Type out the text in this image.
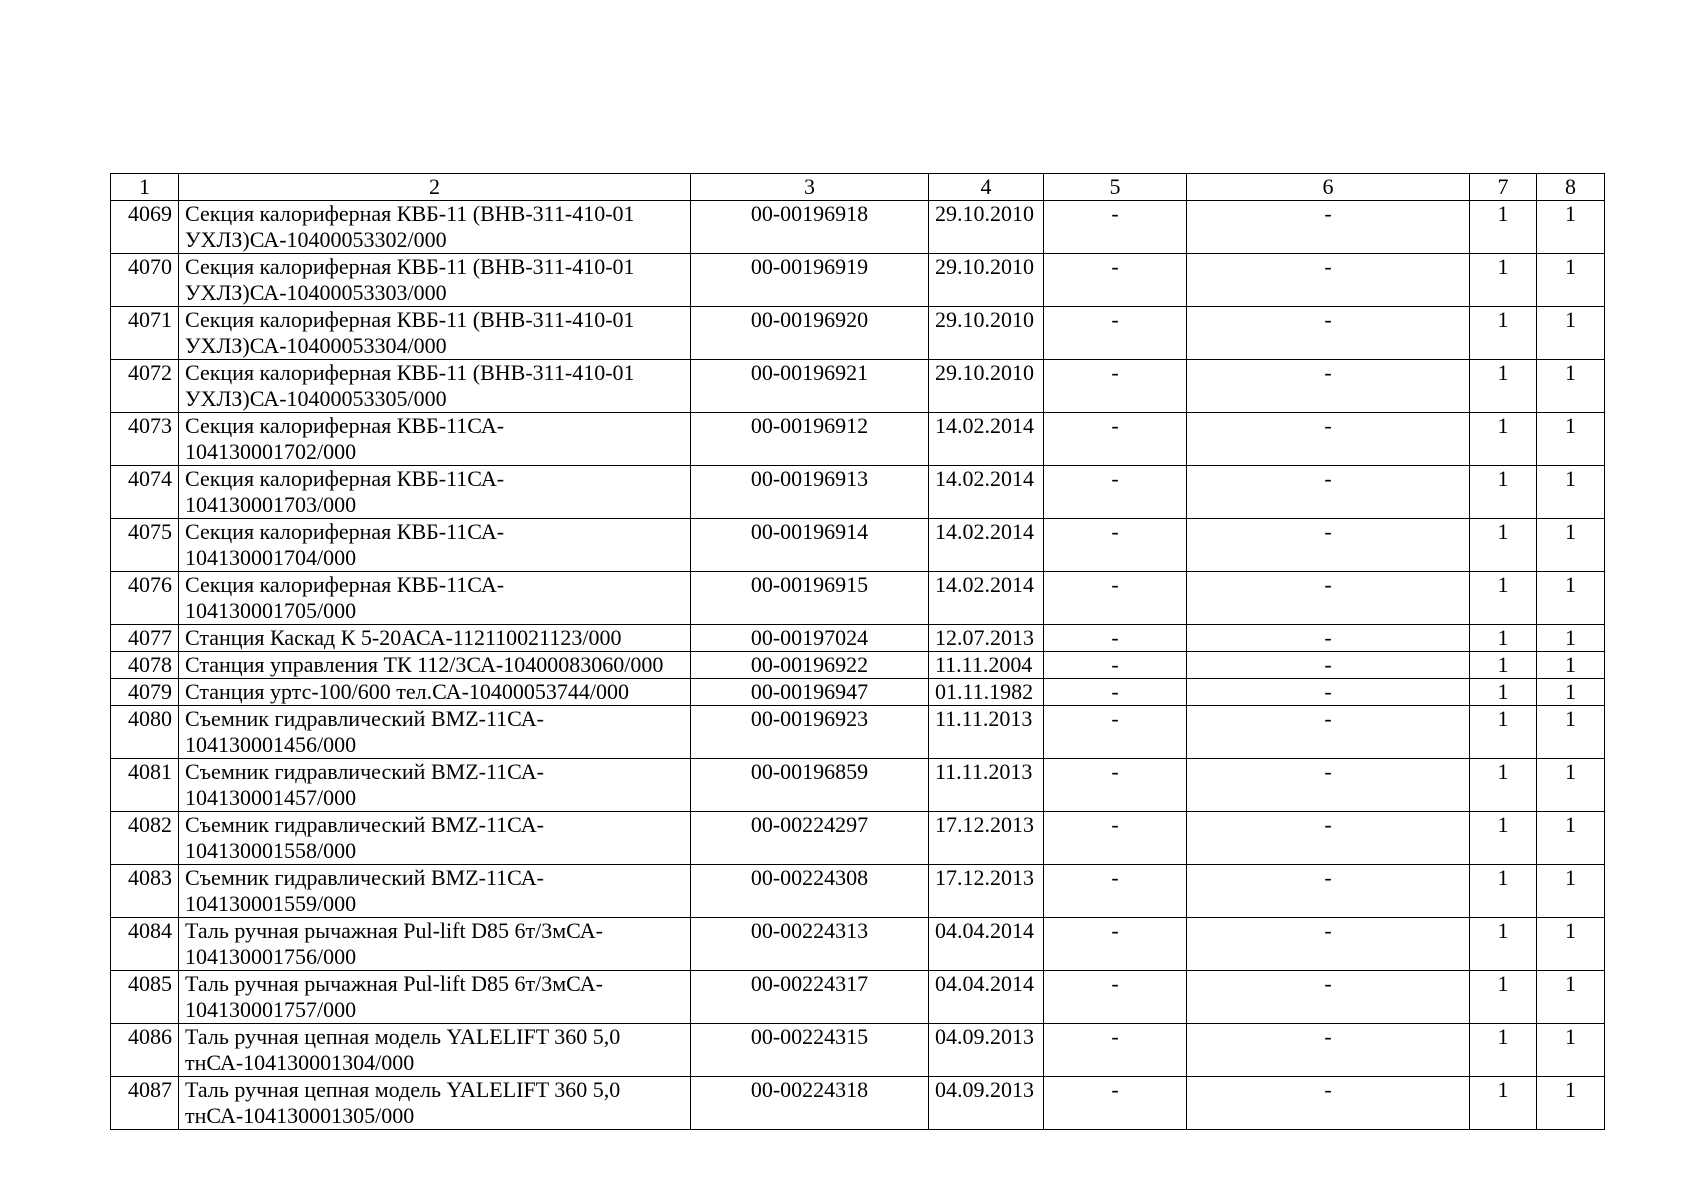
1	2	3	4	5	6	7	8
4069	Секция калориферная КВБ-11 (ВНВ-311-410-01
УХЛЗ)СА-10400053302/000	00-00196918	29.10.2010	-	-	1	1
4070	Секция калориферная КВБ-11 (ВНВ-311-410-01
УХЛЗ)СА-10400053303/000	00-00196919	29.10.2010	-	-	1	1
4071	Секция калориферная КВБ-11 (ВНВ-311-410-01
УХЛЗ)СА-10400053304/000	00-00196920	29.10.2010	-	-	1	1
4072	Секция калориферная КВБ-11 (ВНВ-311-410-01
УХЛЗ)СА-10400053305/000	00-00196921	29.10.2010	-	-	1	1
4073	Секция калориферная КВБ-11СА-
104130001702/000	00-00196912	14.02.2014	-	-	1	1
4074	Секция калориферная КВБ-11СА-
104130001703/000	00-00196913	14.02.2014	-	-	1	1
4075	Секция калориферная КВБ-11СА-
104130001704/000	00-00196914	14.02.2014	-	-	1	1
4076	Секция калориферная КВБ-11СА-
104130001705/000	00-00196915	14.02.2014	-	-	1	1
4077	Станция Каскад К 5-20АСА-112110021123/000	00-00197024	12.07.2013	-	-	1	1
4078	Станция управления ТК 112/3СА-10400083060/000	00-00196922	11.11.2004	-	-	1	1
4079	Станция уртс-100/600 тел.СА-10400053744/000	00-00196947	01.11.1982	-	-	1	1
4080	Съемник гидравлический BMZ-11СА-
104130001456/000	00-00196923	11.11.2013	-	-	1	1
4081	Съемник гидравлический BMZ-11СА-
104130001457/000	00-00196859	11.11.2013	-	-	1	1
4082	Съемник гидравлический BMZ-11СА-
104130001558/000	00-00224297	17.12.2013	-	-	1	1
4083	Съемник гидравлический BMZ-11СА-
104130001559/000	00-00224308	17.12.2013	-	-	1	1
4084	Таль ручная рычажная Pul-lift D85 6т/3мСА-
104130001756/000	00-00224313	04.04.2014	-	-	1	1
4085	Таль ручная рычажная Pul-lift D85 6т/3мСА-
104130001757/000	00-00224317	04.04.2014	-	-	1	1
4086	Таль ручная цепная модель YALELIFT 360 5,0
тнСА-104130001304/000	00-00224315	04.09.2013	-	-	1	1
4087	Таль ручная цепная модель YALELIFT 360 5,0
тнСА-104130001305/000	00-00224318	04.09.2013	-	-	1	1
